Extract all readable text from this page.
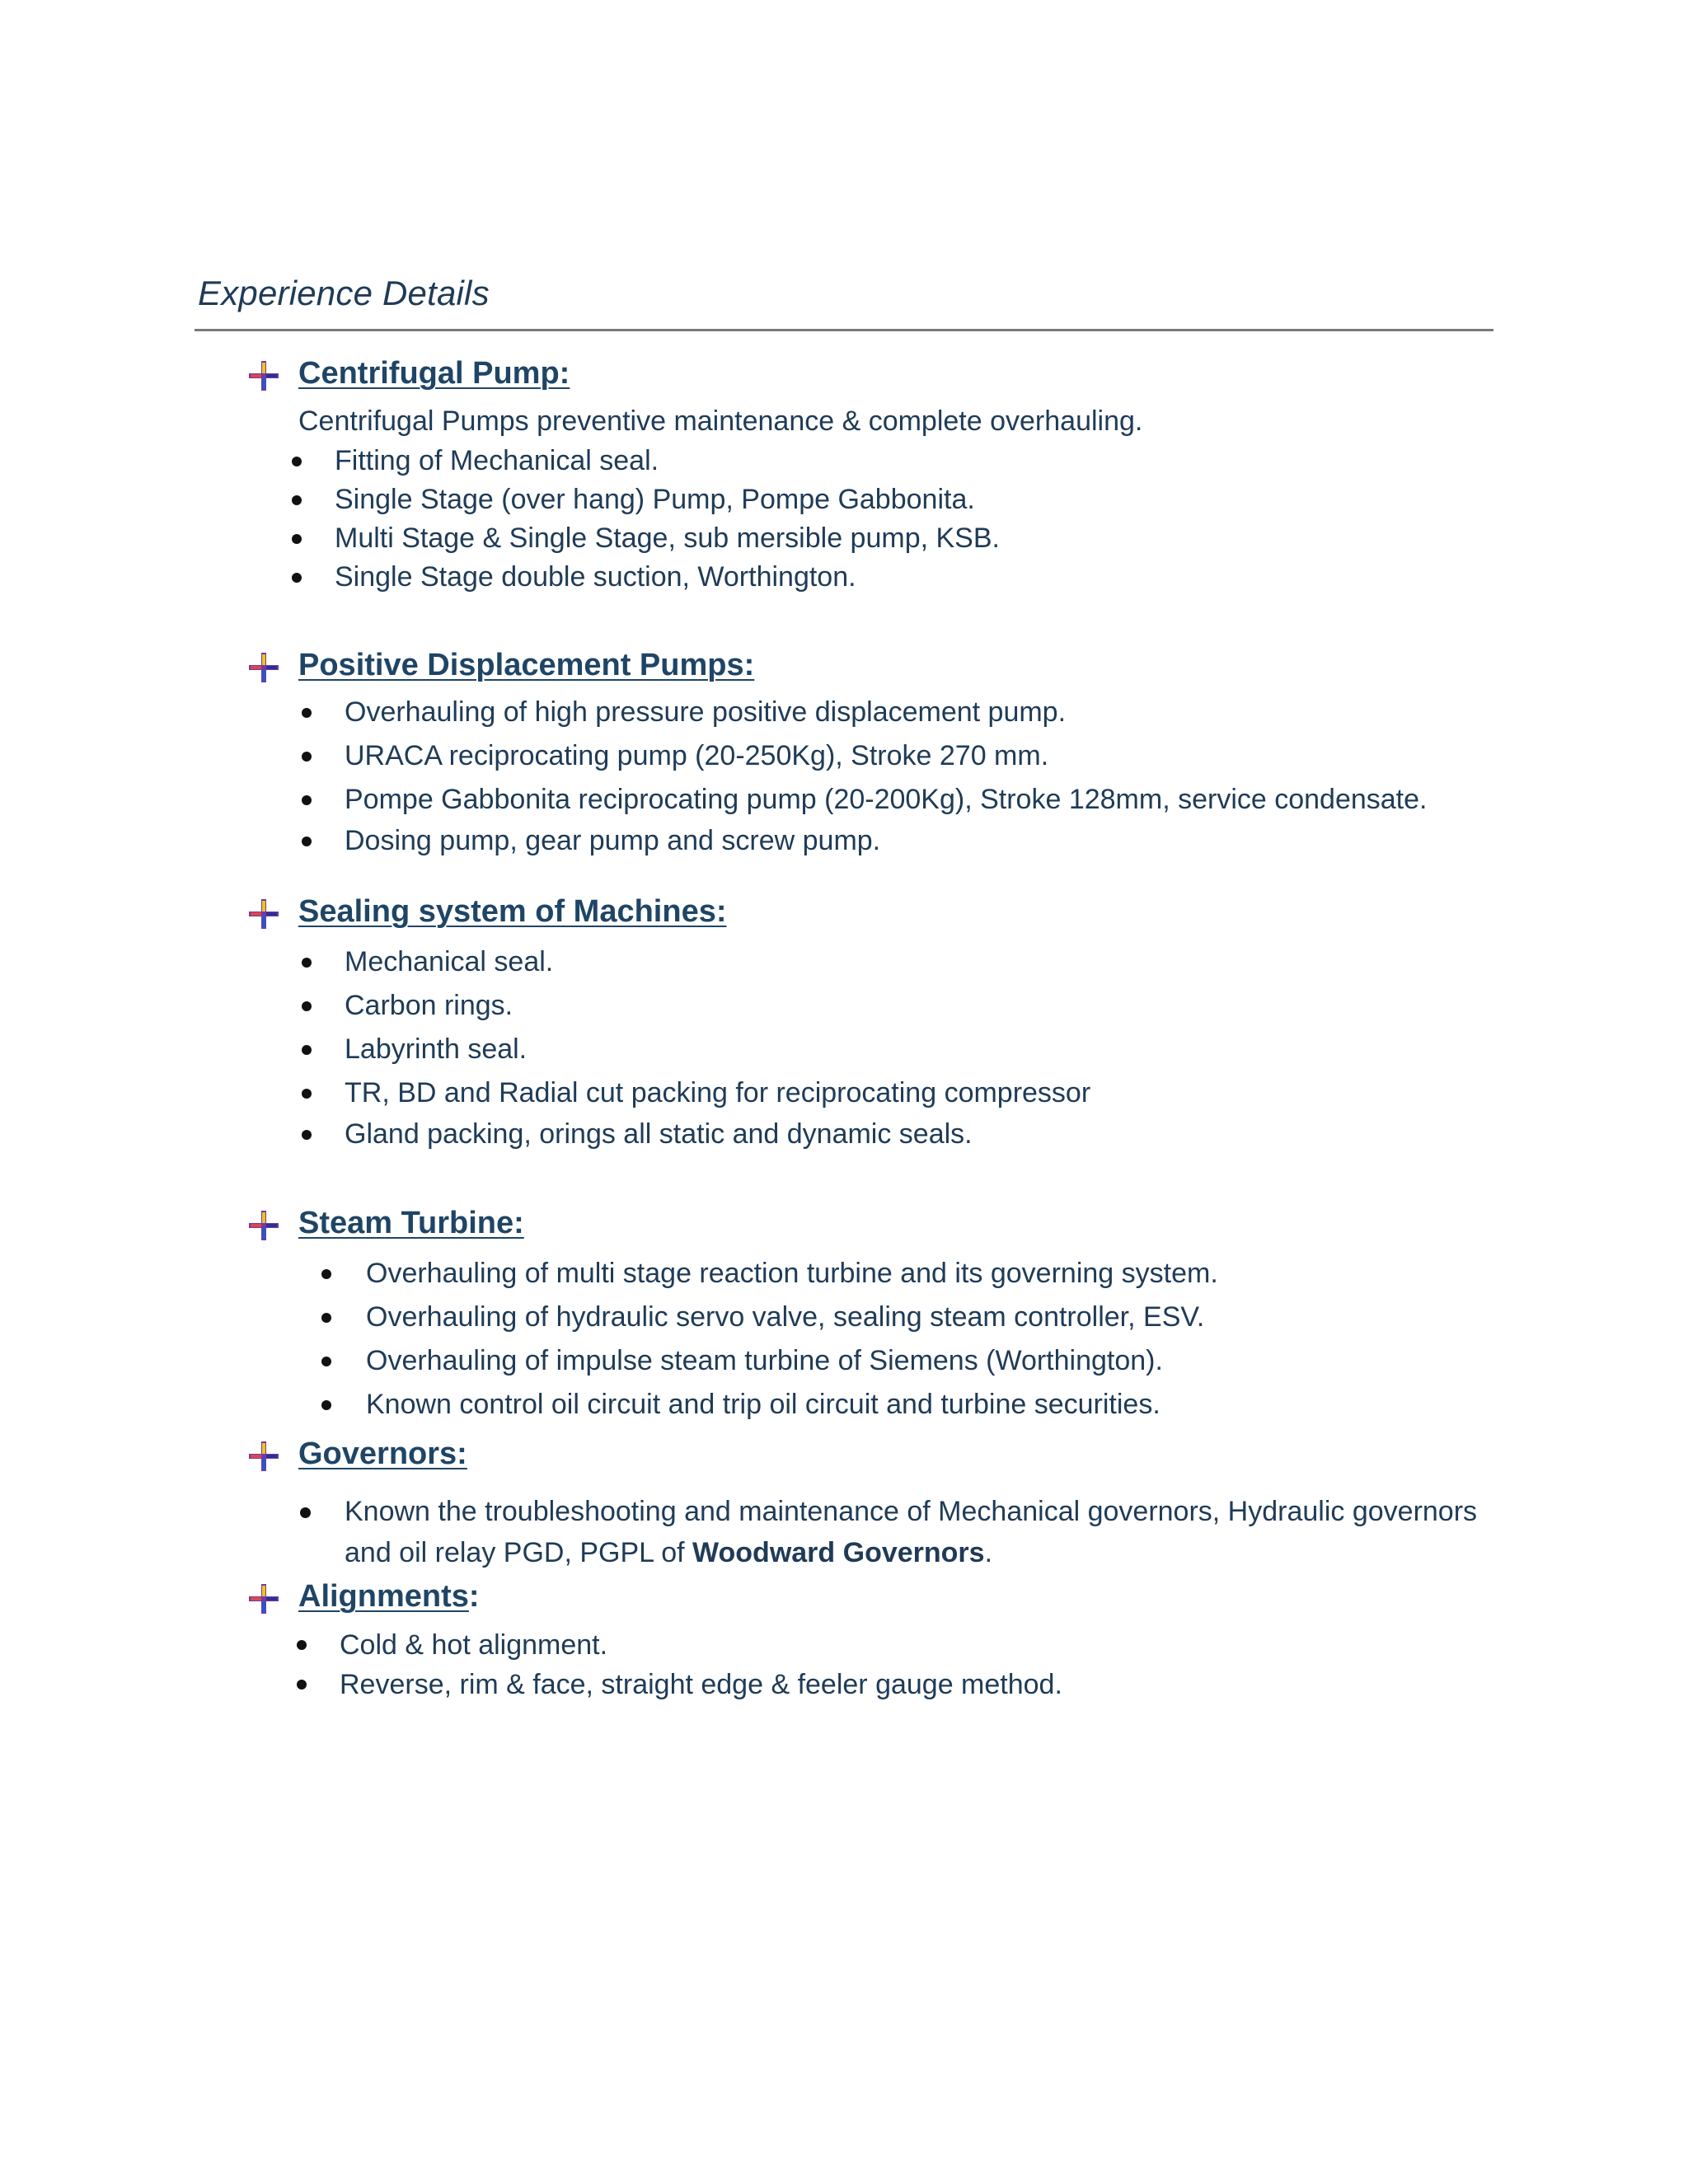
Experience Details
Centrifugal Pump:
Centrifugal Pumps preventive maintenance & complete overhauling.
Fitting of Mechanical seal.
Single Stage (over hang) Pump, Pompe Gabbonita.
Multi Stage & Single Stage, sub mersible pump, KSB.
Single Stage double suction, Worthington.
Positive Displacement Pumps:
Overhauling of high pressure positive displacement pump.
URACA reciprocating pump (20-250Kg), Stroke 270 mm.
Pompe Gabbonita reciprocating pump (20-200Kg), Stroke 128mm, service condensate.
Dosing pump, gear pump and screw pump.
Sealing system of Machines:
Mechanical seal.
Carbon rings.
Labyrinth seal.
TR, BD and Radial cut packing for reciprocating compressor
Gland packing, orings all static and dynamic seals.
Steam Turbine:
Overhauling of multi stage reaction turbine and its governing system.
Overhauling of hydraulic servo valve, sealing steam controller, ESV.
Overhauling of impulse steam turbine of Siemens (Worthington).
Known control oil circuit and trip oil circuit and turbine securities.
Governors:
Known the troubleshooting and maintenance of Mechanical governors, Hydraulic governors
and oil relay PGD, PGPL of Woodward Governors.
Alignments:
Cold & hot alignment.
Reverse, rim & face, straight edge & feeler gauge method.
